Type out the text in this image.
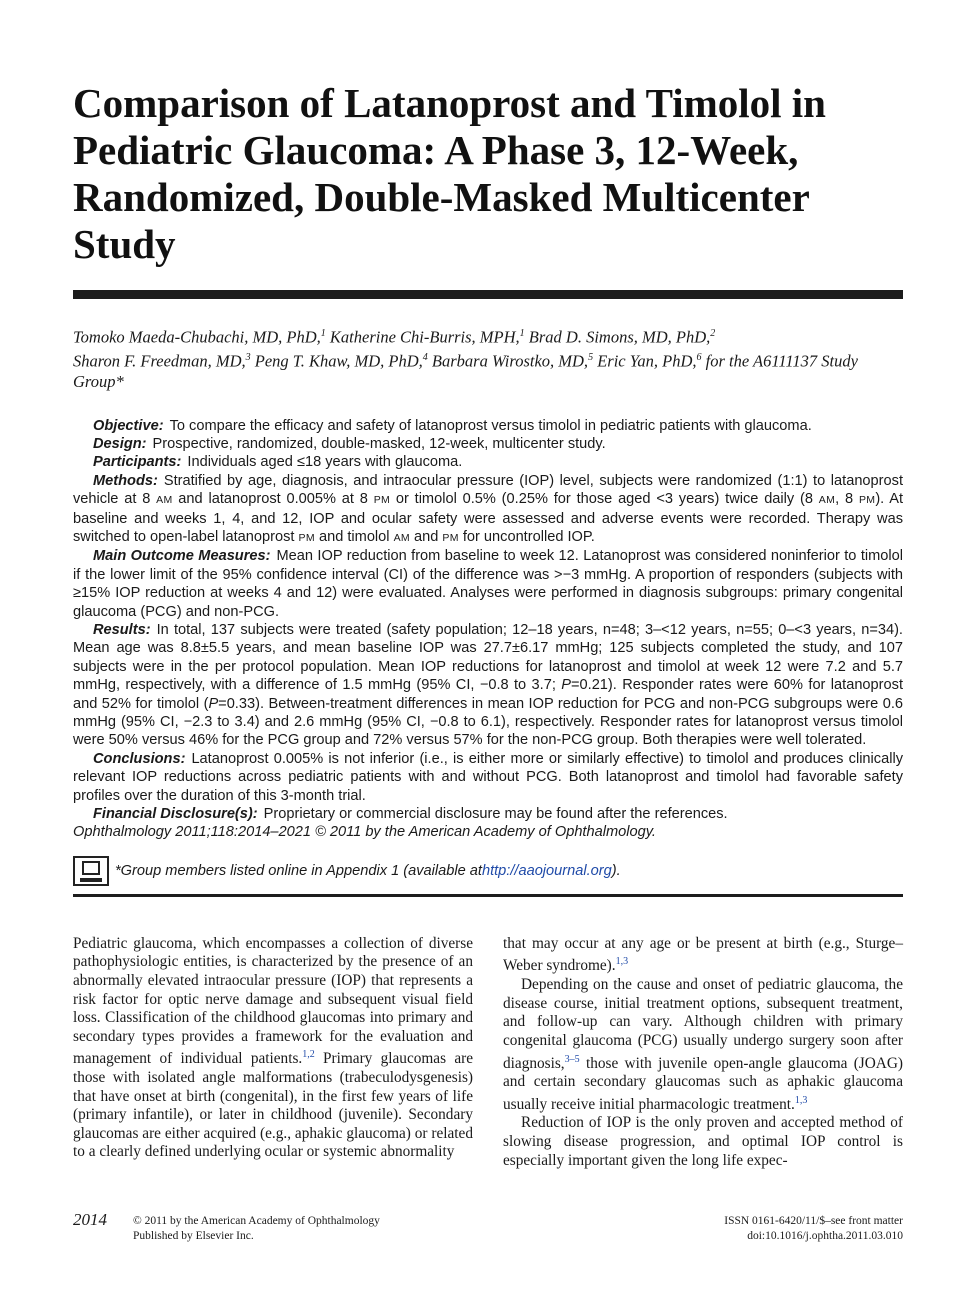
Comparison of Latanoprost and Timolol in Pediatric Glaucoma: A Phase 3, 12-Week, Randomized, Double-Masked Multicenter Study
Tomoko Maeda-Chubachi, MD, PhD,$^1$ Katherine Chi-Burris, MPH,$^1$ Brad D. Simons, MD, PhD,$^2$
Sharon F. Freedman, MD,$^3$ Peng T. Khaw, MD, PhD,$^4$ Barbara Wirostko, MD,$^5$ Eric Yan, PhD,$^6$ for the A6111137 Study Group*

Objective: To compare the efficacy and safety of latanoprost versus timolol in pediatric patients with glaucoma.

Design: Prospective, randomized, double-masked, 12-week, multicenter study.

Participants: Individuals aged ≤18 years with glaucoma.

Methods: Stratified by age, diagnosis, and intraocular pressure (IOP) level, subjects were randomized (1:1) to latanoprost vehicle at 8 AM and latanoprost 0.005% at 8 PM or timolol 0.5% (0.25% for those aged <3 years) twice daily (8 AM, 8 PM). At baseline and weeks 1, 4, and 12, IOP and ocular safety were assessed and adverse events were recorded. Therapy was switched to open-label latanoprost PM and timolol AM and PM for uncontrolled IOP.

Main Outcome Measures: Mean IOP reduction from baseline to week 12. Latanoprost was considered noninferior to timolol if the lower limit of the 95% confidence interval (CI) of the difference was >−3 mmHg. A proportion of responders (subjects with ≥15% IOP reduction at weeks 4 and 12) were evaluated. Analyses were performed in diagnosis subgroups: primary congenital glaucoma (PCG) and non-PCG.

Results: In total, 137 subjects were treated (safety population; 12–18 years, n=48; 3–<12 years, n=55; 0–<3 years, n=34). Mean age was 8.8±5.5 years, and mean baseline IOP was 27.7±6.17 mmHg; 125 subjects completed the study, and 107 subjects were in the per protocol population. Mean IOP reductions for latanoprost and timolol at week 12 were 7.2 and 5.7 mmHg, respectively, with a difference of 1.5 mmHg (95% CI, −0.8 to 3.7; P=0.21). Responder rates were 60% for latanoprost and 52% for timolol (P=0.33). Between-treatment differences in mean IOP reduction for PCG and non-PCG subgroups were 0.6 mmHg (95% CI, −2.3 to 3.4) and 2.6 mmHg (95% CI, −0.8 to 6.1), respectively. Responder rates for latanoprost versus timolol were 50% versus 46% for the PCG group and 72% versus 57% for the non-PCG group. Both therapies were well tolerated.

Conclusions: Latanoprost 0.005% is not inferior (i.e., is either more or similarly effective) to timolol and produces clinically relevant IOP reductions across pediatric patients with and without PCG. Both latanoprost and timolol had favorable safety profiles over the duration of this 3-month trial.

Financial Disclosure(s): Proprietary or commercial disclosure may be found after the references.

Ophthalmology 2011;118:2014–2021 © 2011 by the American Academy of Ophthalmology.

*Group members listed online in Appendix 1 (available at http://aaojournal.org ).

Pediatric glaucoma, which encompasses a collection of diverse pathophysiologic entities, is characterized by the presence of an abnormally elevated intraocular pressure (IOP) that represents a risk factor for optic nerve damage and subsequent visual field loss. Classification of the childhood glaucomas into primary and secondary types provides a framework for the evaluation and management of individual patients.$^{1,2}$ Primary glaucomas are those with isolated angle malformations (trabeculodysgenesis) that have onset at birth (congenital), in the first few years of life (primary infantile), or later in childhood (juvenile). Secondary glaucomas are either acquired (e.g., aphakic glaucoma) or related to a clearly defined underlying ocular or systemic abnormality

that may occur at any age or be present at birth (e.g., Sturge–Weber syndrome).$^{1,3}$

Depending on the cause and onset of pediatric glaucoma, the disease course, initial treatment options, subsequent treatment, and follow-up can vary. Although children with primary congenital glaucoma (PCG) usually undergo surgery soon after diagnosis,$^{3-5}$ those with juvenile open-angle glaucoma (JOAG) and certain secondary glaucomas such as aphakic glaucoma usually receive initial pharmacologic treatment.$^{1,3}$

Reduction of IOP is the only proven and accepted method of slowing disease progression, and optimal IOP control is especially important given the long life expec-

2014 © 2011 by the American Academy of Ophthalmology
Published by Elsevier Inc.
ISSN 0161-6420/11/$–see front matter
doi:10.1016/j.ophtha.2011.03.010
